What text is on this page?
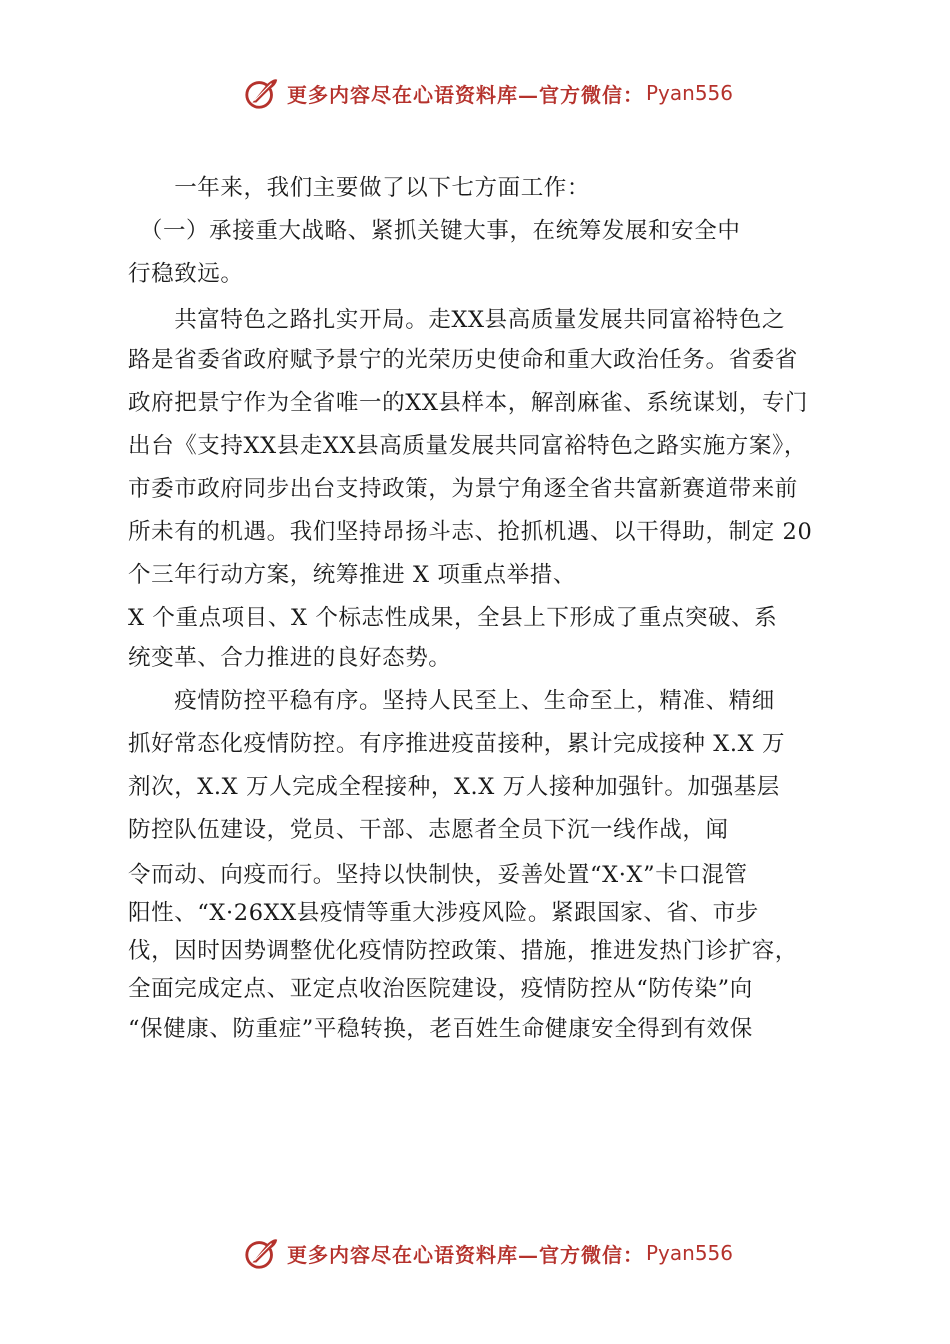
更多内容尽在心语资料库—官方微信： Pyan556
　　一年来，我们主要做了以下七方面工作：
　（一）承接重大战略、紧抓关键大事，在统筹发展和安全中
行稳致远。
　　共富特色之路扎实开局。走XX县高质量发展共同富裕特色之
路是省委省政府赋予景宁的光荣历史使命和重大政治任务。省委省
政府把景宁作为全省唯一的XX县样本，解剖麻雀、系统谋划，专门
出台《支持XX县走XX县高质量发展共同富裕特色之路实施方案》，
市委市政府同步出台支持政策，为景宁角逐全省共富新赛道带来前
所未有的机遇。我们坚持昂扬斗志、抢抓机遇、以干得助，制定 20
个三年行动方案，统筹推进 X 项重点举措、
X 个重点项目、X 个标志性成果，全县上下形成了重点突破、系
统变革、合力推进的良好态势。
　　疫情防控平稳有序。坚持人民至上、生命至上，精准、精细
抓好常态化疫情防控。有序推进疫苗接种，累计完成接种 X.X 万
剂次，X.X 万人完成全程接种，X.X 万人接种加强针。加强基层
防控队伍建设，党员、干部、志愿者全员下沉一线作战，闻
令而动、向疫而行。坚持以快制快，妥善处置“X·X”卡口混管
阳性、“X·26XX县疫情等重大涉疫风险。紧跟国家、省、市步
伐，因时因势调整优化疫情防控政策、措施，推进发热门诊扩容，
全面完成定点、亚定点收治医院建设，疫情防控从“防传染”向
“保健康、防重症”平稳转换，老百姓生命健康安全得到有效保
更多内容尽在心语资料库—官方微信： Pyan556
